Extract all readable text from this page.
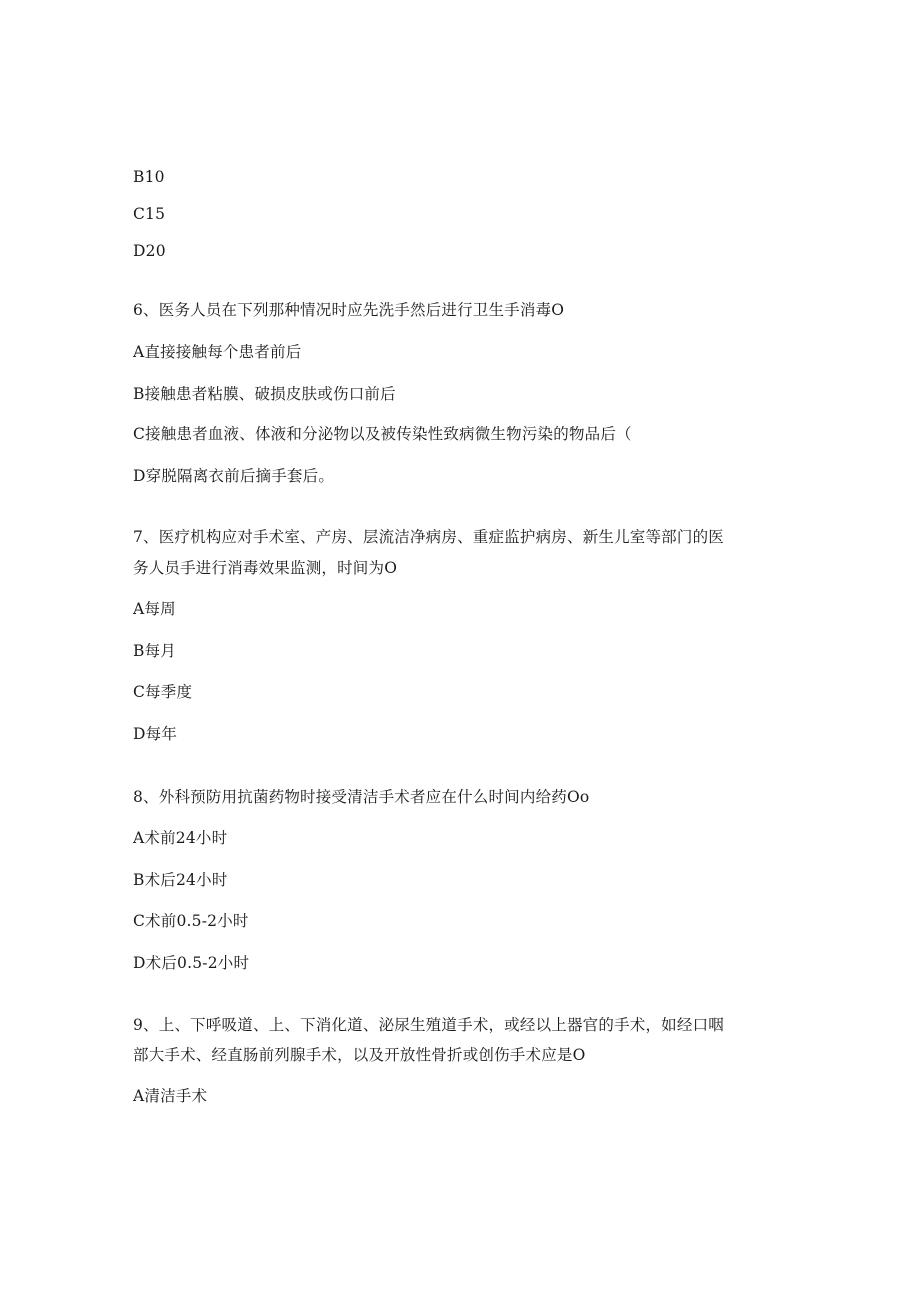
B10
C15
D20
6、医务人员在下列那种情况时应先洗手然后进行卫生手消毒O
A直接接触每个患者前后
B接触患者粘膜、破损皮肤或伤口前后
C接触患者血液、体液和分泌物以及被传染性致病微生物污染的物品后（
D穿脱隔离衣前后摘手套后。
7、医疗机构应对手术室、产房、层流洁净病房、重症监护病房、新生儿室等部门的医
务人员手进行消毒效果监测，时间为O
A每周
B每月
C每季度
D每年
8、外科预防用抗菌药物时接受清洁手术者应在什么时间内给药Oo
A术前24小时
B术后24小时
C术前0.5-2小时
D术后0.5-2小时
9、上、下呼吸道、上、下消化道、泌尿生殖道手术，或经以上器官的手术，如经口咽
部大手术、经直肠前列腺手术，以及开放性骨折或创伤手术应是O
A清洁手术
